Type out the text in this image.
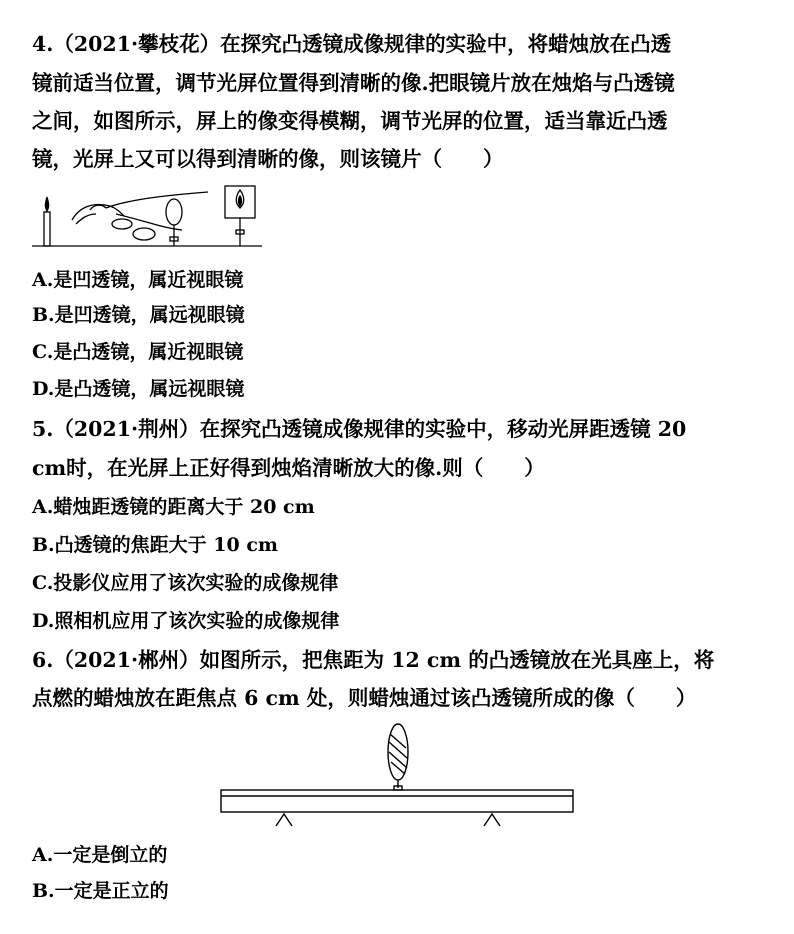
4.（2021·攀枝花）在探究凸透镜成像规律的实验中，将蜡烛放在凸透
镜前适当位置，调节光屏位置得到清晰的像.把眼镜片放在烛焰与凸透镜
之间，如图所示，屏上的像变得模糊，调节光屏的位置，适当靠近凸透
镜，光屏上又可以得到清晰的像，则该镜片（　　）
A.是凹透镜，属近视眼镜
B.是凹透镜，属远视眼镜
C.是凸透镜，属近视眼镜
D.是凸透镜，属远视眼镜
5.（2021·荆州）在探究凸透镜成像规律的实验中，移动光屏距透镜 20
cm时，在光屏上正好得到烛焰清晰放大的像.则（　　）
A.蜡烛距透镜的距离大于 20 cm
B.凸透镜的焦距大于 10 cm
C.投影仪应用了该次实验的成像规律
D.照相机应用了该次实验的成像规律
6.（2021·郴州）如图所示，把焦距为 12 cm 的凸透镜放在光具座上，将
点燃的蜡烛放在距焦点 6 cm 处，则蜡烛通过该凸透镜所成的像（　　）
A.一定是倒立的
B.一定是正立的
